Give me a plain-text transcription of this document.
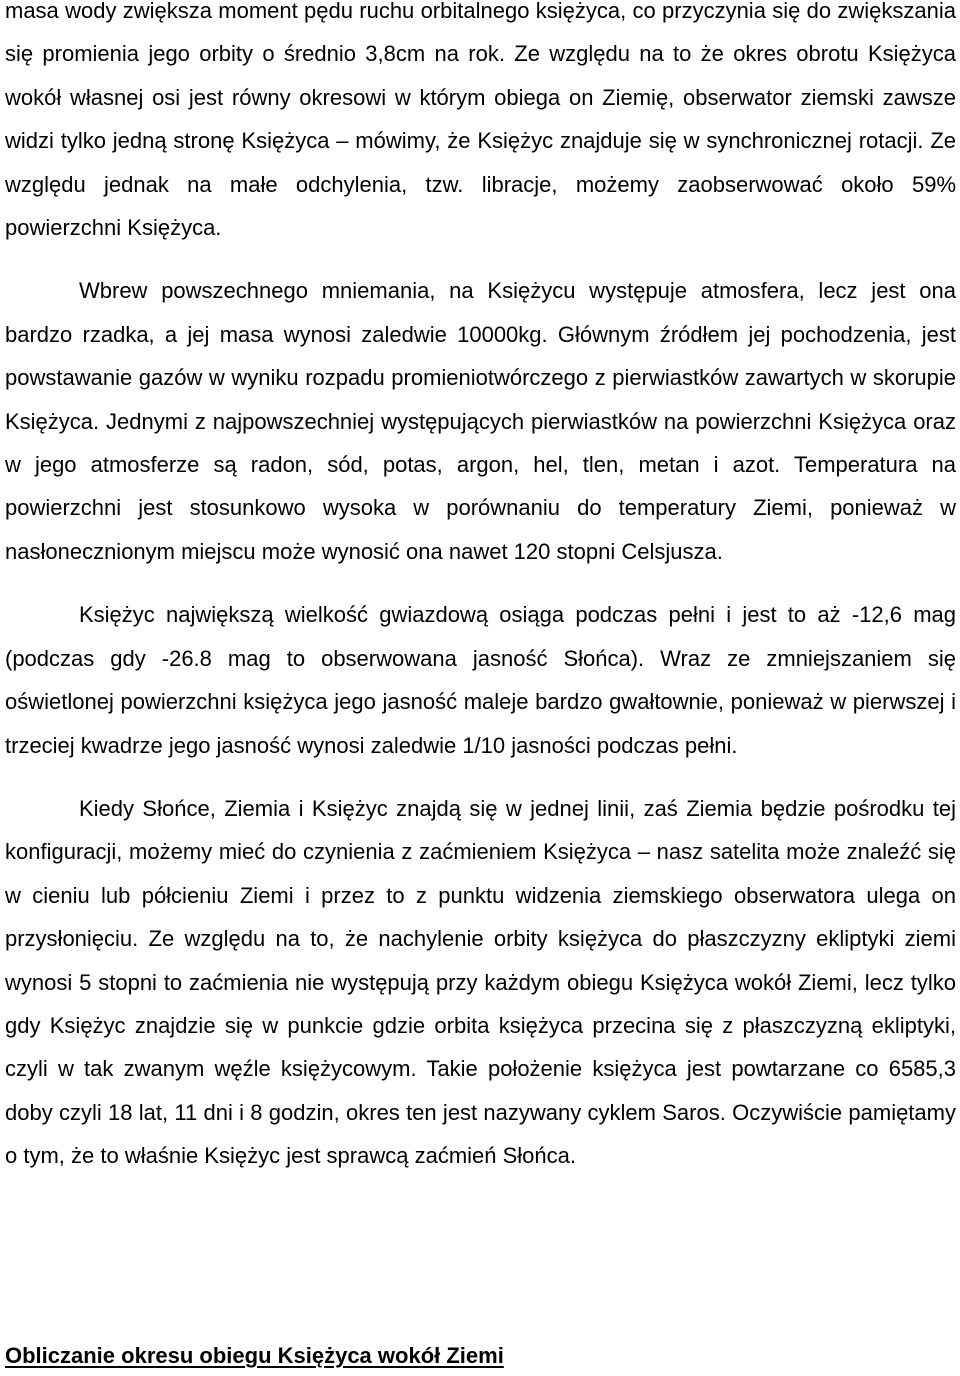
masa wody zwiększa moment pędu ruchu orbitalnego księżyca, co przyczynia się do zwiększania się promienia jego orbity o średnio 3,8cm na rok. Ze względu na to że okres obrotu Księżyca wokół własnej osi jest równy okresowi w którym obiega on Ziemię, obserwator ziemski zawsze widzi tylko jedną stronę Księżyca – mówimy, że Księżyc znajduje się w synchronicznej rotacji. Ze względu jednak na małe odchylenia, tzw. libracje, możemy zaobserwować około 59% powierzchni Księżyca.

Wbrew powszechnego mniemania, na Księżycu występuje atmosfera, lecz jest ona bardzo rzadka, a jej masa wynosi zaledwie 10000kg. Głównym źródłem jej pochodzenia, jest powstawanie gazów w wyniku rozpadu promieniotwórczego z pierwiastków zawartych w skorupie Księżyca. Jednymi z najpowszechniej występujących pierwiastków na powierzchni Księżyca oraz w jego atmosferze są radon, sód, potas, argon, hel, tlen, metan i azot. Temperatura na powierzchni jest stosunkowo wysoka w porównaniu do temperatury Ziemi, ponieważ w nasłonecznionym miejscu może wynosić ona nawet 120 stopni Celsjusza.

Księżyc największą wielkość gwiazdową osiąga podczas pełni i jest to aż -12,6 mag (podczas gdy -26.8 mag to obserwowana jasność Słońca). Wraz ze zmniejszaniem się oświetlonej powierzchni księżyca jego jasność maleje bardzo gwałtownie, ponieważ w pierwszej i trzeciej kwadrze jego jasność wynosi zaledwie 1/10 jasności podczas pełni.

Kiedy Słońce, Ziemia i Księżyc znajdą się w jednej linii, zaś Ziemia będzie pośrodku tej konfiguracji, możemy mieć do czynienia z zaćmieniem Księżyca – nasz satelita może znaleźć się w cieniu lub półcieniu Ziemi i przez to z punktu widzenia ziemskiego obserwatora ulega on przysłonięciu. Ze względu na to, że nachylenie orbity księżyca do płaszczyzny ekliptyki ziemi wynosi 5 stopni to zaćmienia nie występują przy każdym obiegu Księżyca wokół Ziemi, lecz tylko gdy Księżyc znajdzie się w punkcie gdzie orbita księżyca przecina się z płaszczyzną ekliptyki, czyli w tak zwanym węźle księżycowym. Takie położenie księżyca jest powtarzane co 6585,3 doby czyli 18 lat, 11 dni i 8 godzin, okres ten jest nazywany cyklem Saros. Oczywiście pamiętamy o tym, że to właśnie Księżyc jest sprawcą zaćmień Słońca.

Obliczanie okresu obiegu Księżyca wokół Ziemi
